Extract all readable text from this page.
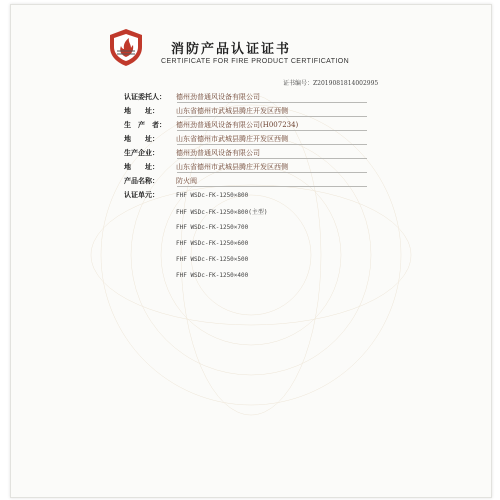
消防产品认证证书
CERTIFICATE FOR FIRE PRODUCT CERTIFICATION
证书编号：Z2019081814002995
认证委托人： 德州劲普通风设备有限公司
地　　址： 山东省德州市武城县腾庄开发区西侧
生　产　者： 德州劲普通风设备有限公司(H007234)
地　　址： 山东省德州市武城县腾庄开发区西侧
生产企业： 德州劲普通风设备有限公司
地　　址： 山东省德州市武城县腾庄开发区西侧
产品名称： 防火阀
认证单元：	FHF WSDc-FK-1250×800
FHF WSDc-FK-1250×800(主型)
FHF WSDc-FK-1250×700
FHF WSDc-FK-1250×600
FHF WSDc-FK-1250×500
FHF WSDc-FK-1250×400
